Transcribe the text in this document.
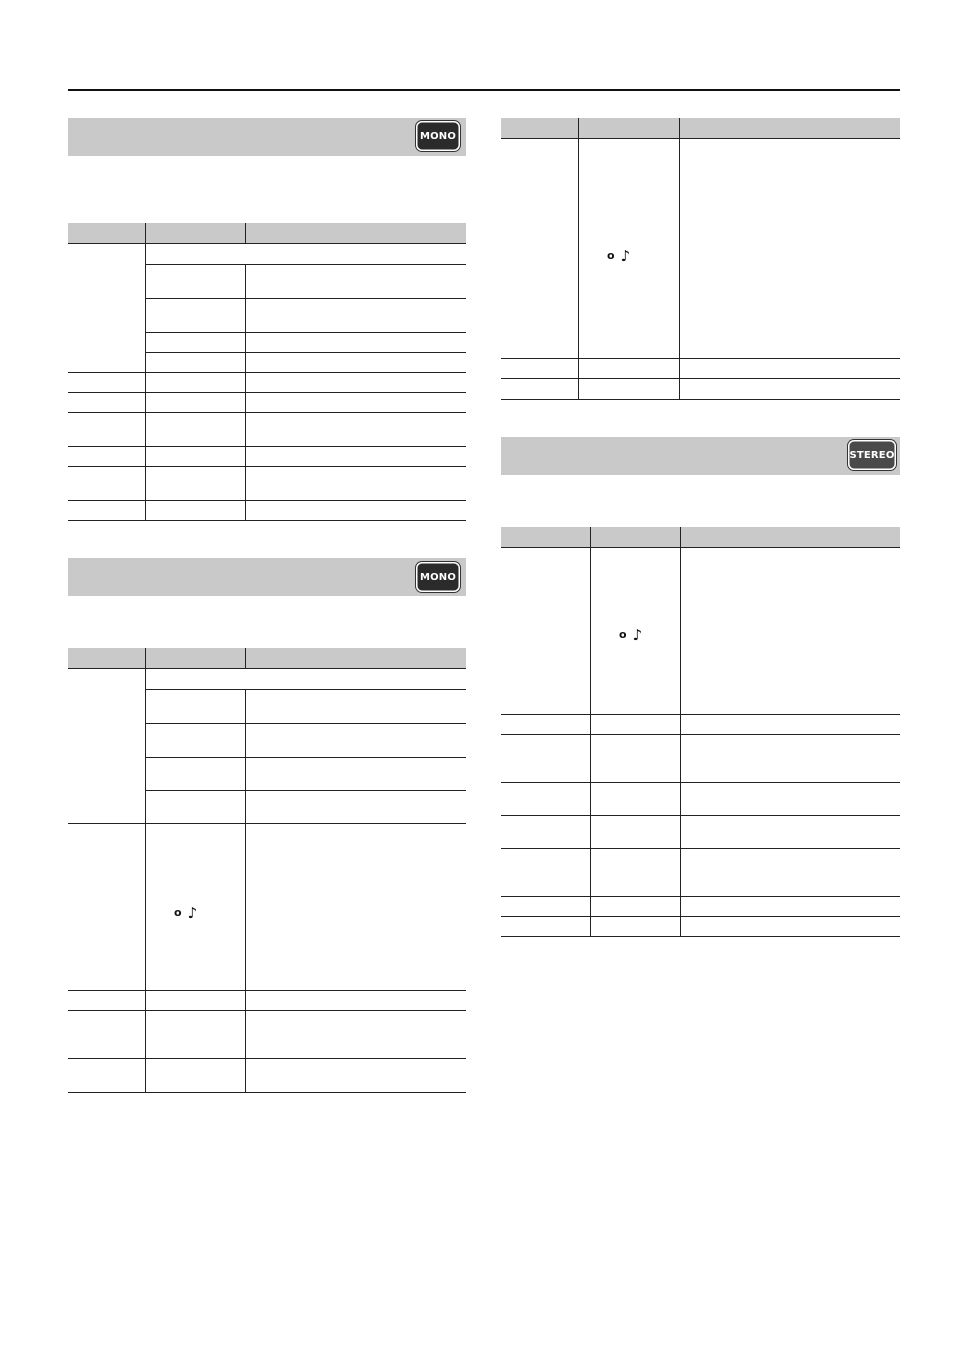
MONO
MONO
o ♪
o ♪
STEREO
o ♪
